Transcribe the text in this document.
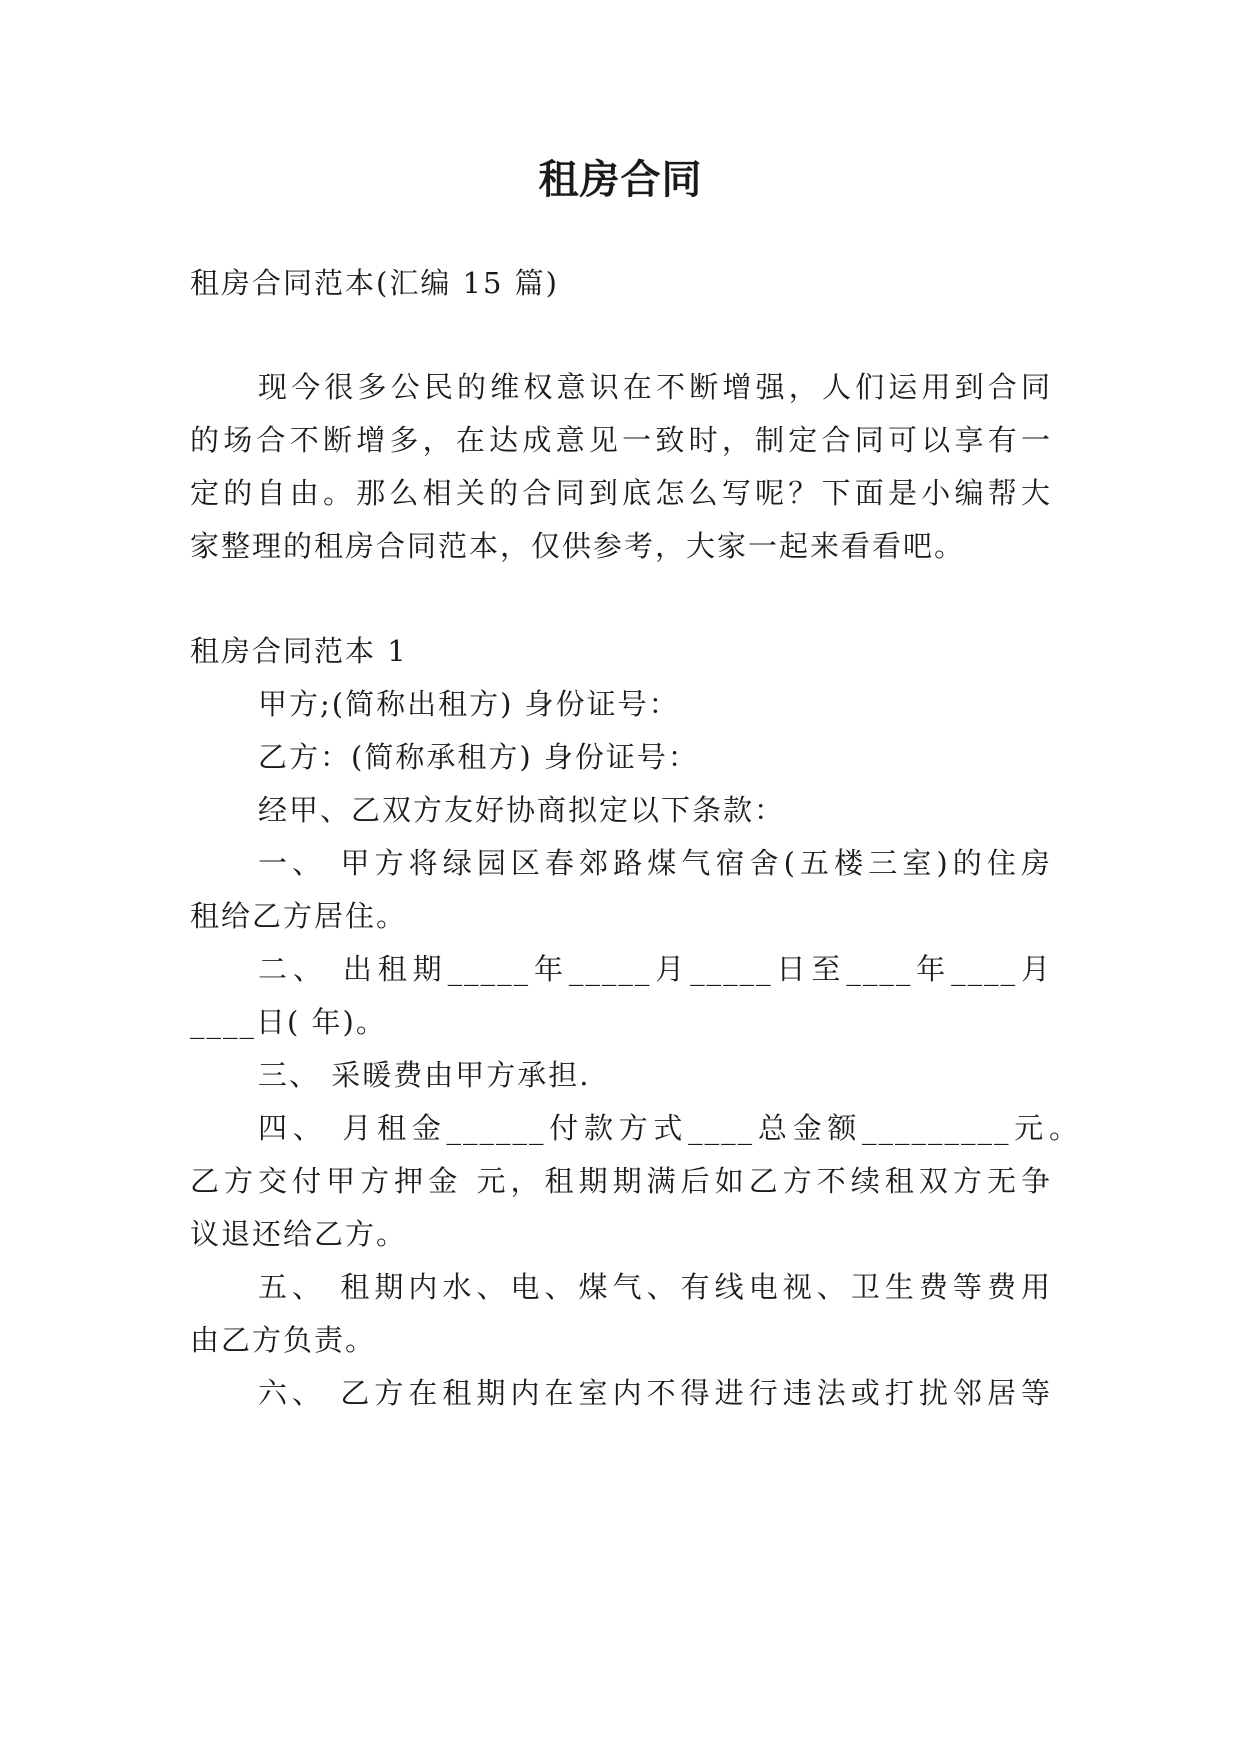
租房合同
租房合同范本(汇编 15 篇)
现今很多公民的维权意识在不断增强，人们运用到合同
的场合不断增多，在达成意见一致时，制定合同可以享有一
定的自由。那么相关的合同到底怎么写呢？下面是小编帮大
家整理的租房合同范本，仅供参考，大家一起来看看吧。
租房合同范本 1
甲方;(简称出租方) 身份证号：
乙方：(简称承租方) 身份证号：
经甲、乙双方友好协商拟定以下条款：
一、 甲方将绿园区春郊路煤气宿舍(五楼三室)的住房
租给乙方居住。
二、 出租期_____年_____月_____日至____年____月
____日( 年)。
三、 采暖费由甲方承担.
四、 月租金______付款方式____总金额_________元。
乙方交付甲方押金 元，租期期满后如乙方不续租双方无争
议退还给乙方。
五、 租期内水、电、煤气、有线电视、卫生费等费用
由乙方负责。
六、 乙方在租期内在室内不得进行违法或打扰邻居等
